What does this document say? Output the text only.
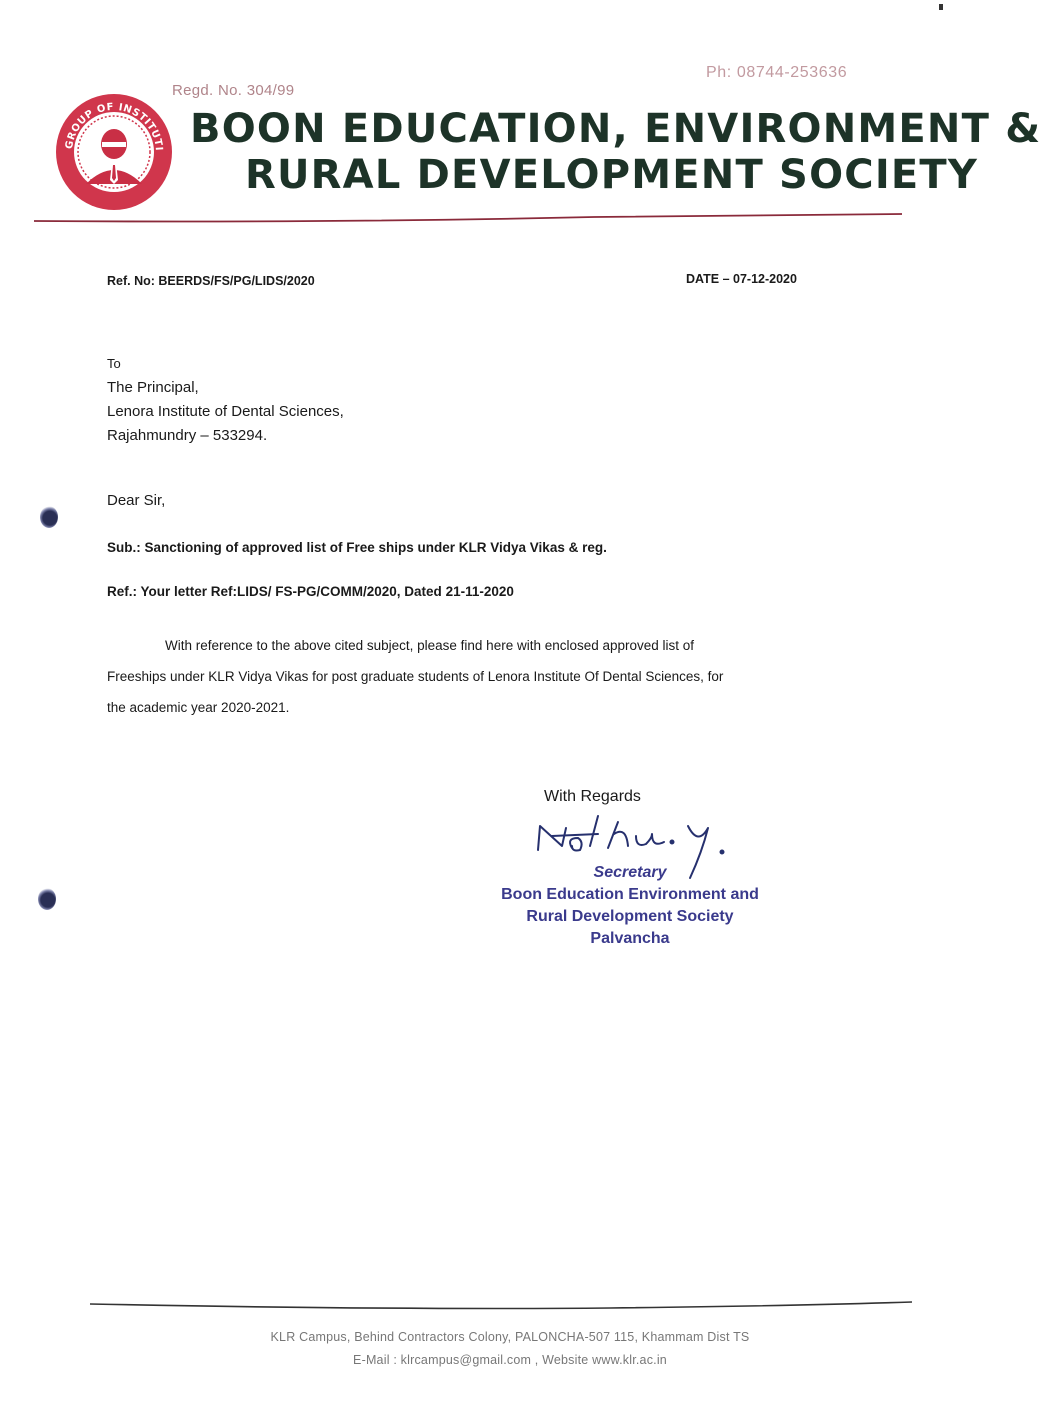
Regd. No. 304/99
Ph: 08744-253636
GROUP OF INSTITUTI BOON EDUCATION, ENVIRONMENT &
RURAL DEVELOPMENT SOCIETY
Ref. No: BEERDS/FS/PG/LIDS/2020	DATE – 07-12-2020
To
The Principal,
Lenora Institute of Dental Sciences,
Rajahmundry – 533294.
Dear Sir,
Sub.: Sanctioning of approved list of Free ships under KLR Vidya Vikas & reg.
Ref.: Your letter Ref:LIDS/ FS-PG/COMM/2020, Dated 21-11-2020

With reference to the above cited subject, please find here with enclosed approved list of

Freeships under KLR Vidya Vikas for post graduate students of Lenora Institute Of Dental Sciences, for

the academic year 2020-2021.

With Regards
Secretary
Boon Education Environment and
Rural Development Society
Palvancha
KLR Campus, Behind Contractors Colony, PALONCHA-507 115, Khammam Dist TS
E-Mail : klrcampus@gmail.com , Website www.klr.ac.in
